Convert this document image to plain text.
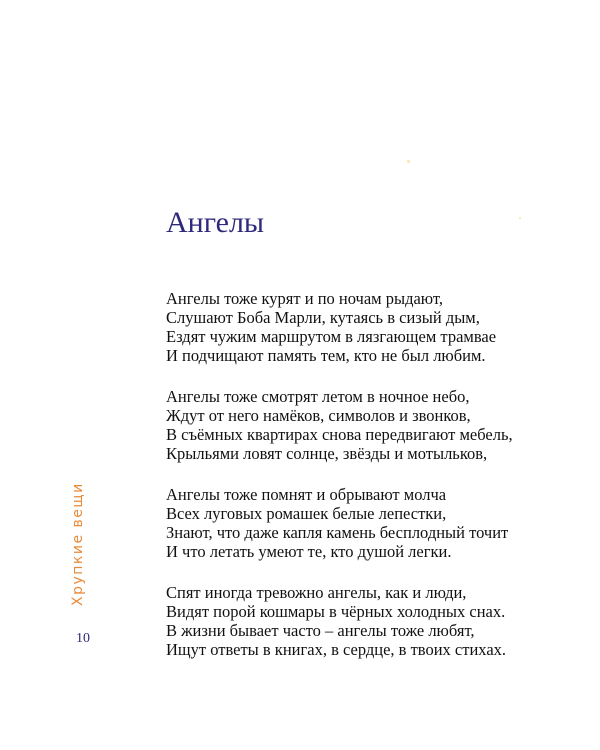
Ангелы
Ангелы тоже курят и по ночам рыдают,
Слушают Боба Марли, кутаясь в сизый дым,
Ездят чужим маршрутом в лязгающем трамвае
И подчищают память тем, кто не был любим.
Ангелы тоже смотрят летом в ночное небо,
Ждут от него намёков, символов и звонков,
В съёмных квартирах снова передвигают мебель,
Крыльями ловят солнце, звёзды и мотыльков,
Ангелы тоже помнят и обрывают молча
Всех луговых ромашек белые лепестки,
Знают, что даже капля камень бесплодный точит
И что летать умеют те, кто душой легки.
Спят иногда тревожно ангелы, как и люди,
Видят порой кошмары в чёрных холодных снах.
В жизни бывает часто – ангелы тоже любят,
Ищут ответы в книгах, в сердце, в твоих стихах.
Хрупкие вещи
10
